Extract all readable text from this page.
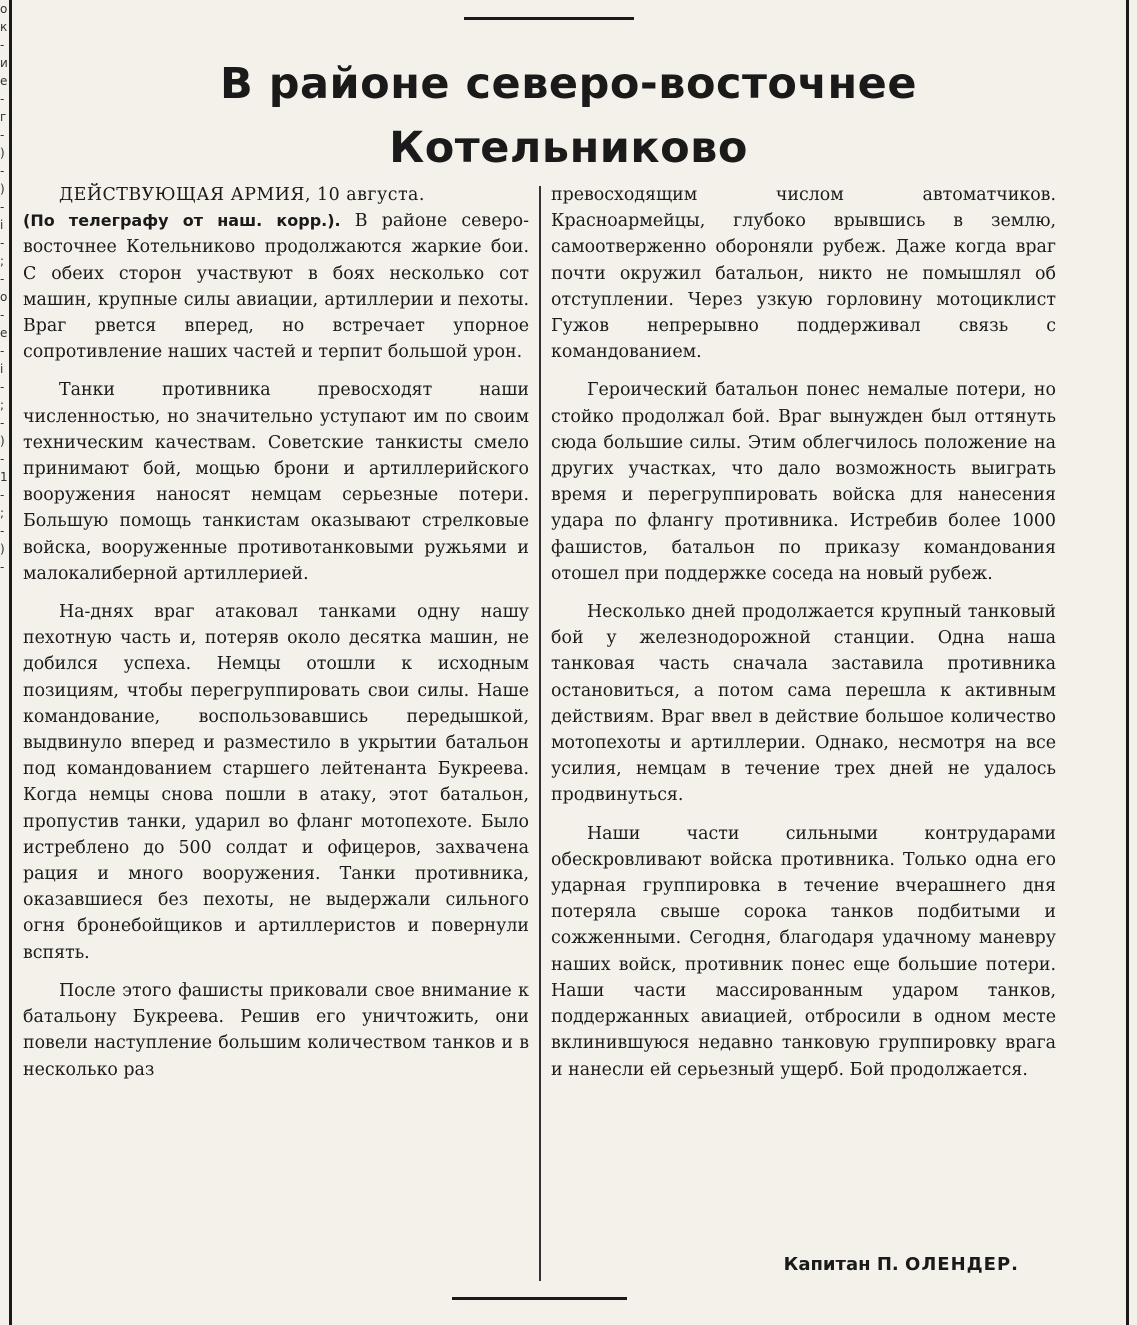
о к - и е - г - ) - ) - і - ; - о - е - і - ; - ) - 1 - ; - ) -
В районе северо-восточнее
Котельниково

ДЕЙСТВУЮЩАЯ АРМИЯ, 10 августа.
(По телеграфу от наш. корр.). В районе северо-восточнее Котельниково продолжаются жаркие бои. С обеих сторон участвуют в боях несколько сот машин, крупные силы авиации, артиллерии и пехоты. Враг рвется вперед, но встречает упорное сопротивление наших частей и терпит большой урон.

Танки противника превосходят наши численностью, но значительно уступают им по своим техническим качествам. Советские танкисты смело принимают бой, мощью брони и артиллерийского вооружения наносят немцам серьезные потери. Большую помощь танкистам оказывают стрелковые войска, вооруженные противотанковыми ружьями и малокалиберной артиллерией.

На-днях враг атаковал танками одну нашу пехотную часть и, потеряв около десятка машин, не добился успеха. Немцы отошли к исходным позициям, чтобы перегруппировать свои силы. Наше командование, воспользовавшись передышкой, выдвинуло вперед и разместило в укрытии батальон под командованием старшего лейтенанта Букреева. Когда немцы снова пошли в атаку, этот батальон, пропустив танки, ударил во фланг мотопехоте. Было истреблено до 500 солдат и офицеров, захвачена рация и много вооружения. Танки противника, оказавшиеся без пехоты, не выдержали сильного огня бронебойщиков и артиллеристов и повернули вспять.

После этого фашисты приковали свое внимание к батальону Букреева. Решив его уничтожить, они повели наступление большим количеством танков и в несколько раз

превосходящим числом автоматчиков. Красноармейцы, глубоко врывшись в землю, самоотверженно обороняли рубеж. Даже когда враг почти окружил батальон, никто не помышлял об отступлении. Через узкую горловину мотоциклист Гужов непрерывно поддерживал связь с командованием.

Героический батальон понес немалые потери, но стойко продолжал бой. Враг вынужден был оттянуть сюда большие силы. Этим облегчилось положение на других участках, что дало возможность выиграть время и перегруппировать войска для нанесения удара по флангу противника. Истребив более 1000 фашистов, батальон по приказу командования отошел при поддержке соседа на новый рубеж.

Несколько дней продолжается крупный танковый бой у железнодорожной станции. Одна наша танковая часть сначала заставила противника остановиться, а потом сама перешла к активным действиям. Враг ввел в действие большое количество мотопехоты и артиллерии. Однако, несмотря на все усилия, немцам в течение трех дней не удалось продвинуться.

Наши части сильными контрударами обескровливают войска противника. Только одна его ударная группировка в течение вчерашнего дня потеряла свыше сорока танков подбитыми и сожженными. Сегодня, благодаря удачному маневру наших войск, противник понес еще большие потери. Наши части массированным ударом танков, поддержанных авиацией, отбросили в одном месте вклинившуюся недавно танковую группировку врага и нанесли ей серьезный ущерб. Бой продолжается.

Капитан П. ОЛЕНДЕР.
